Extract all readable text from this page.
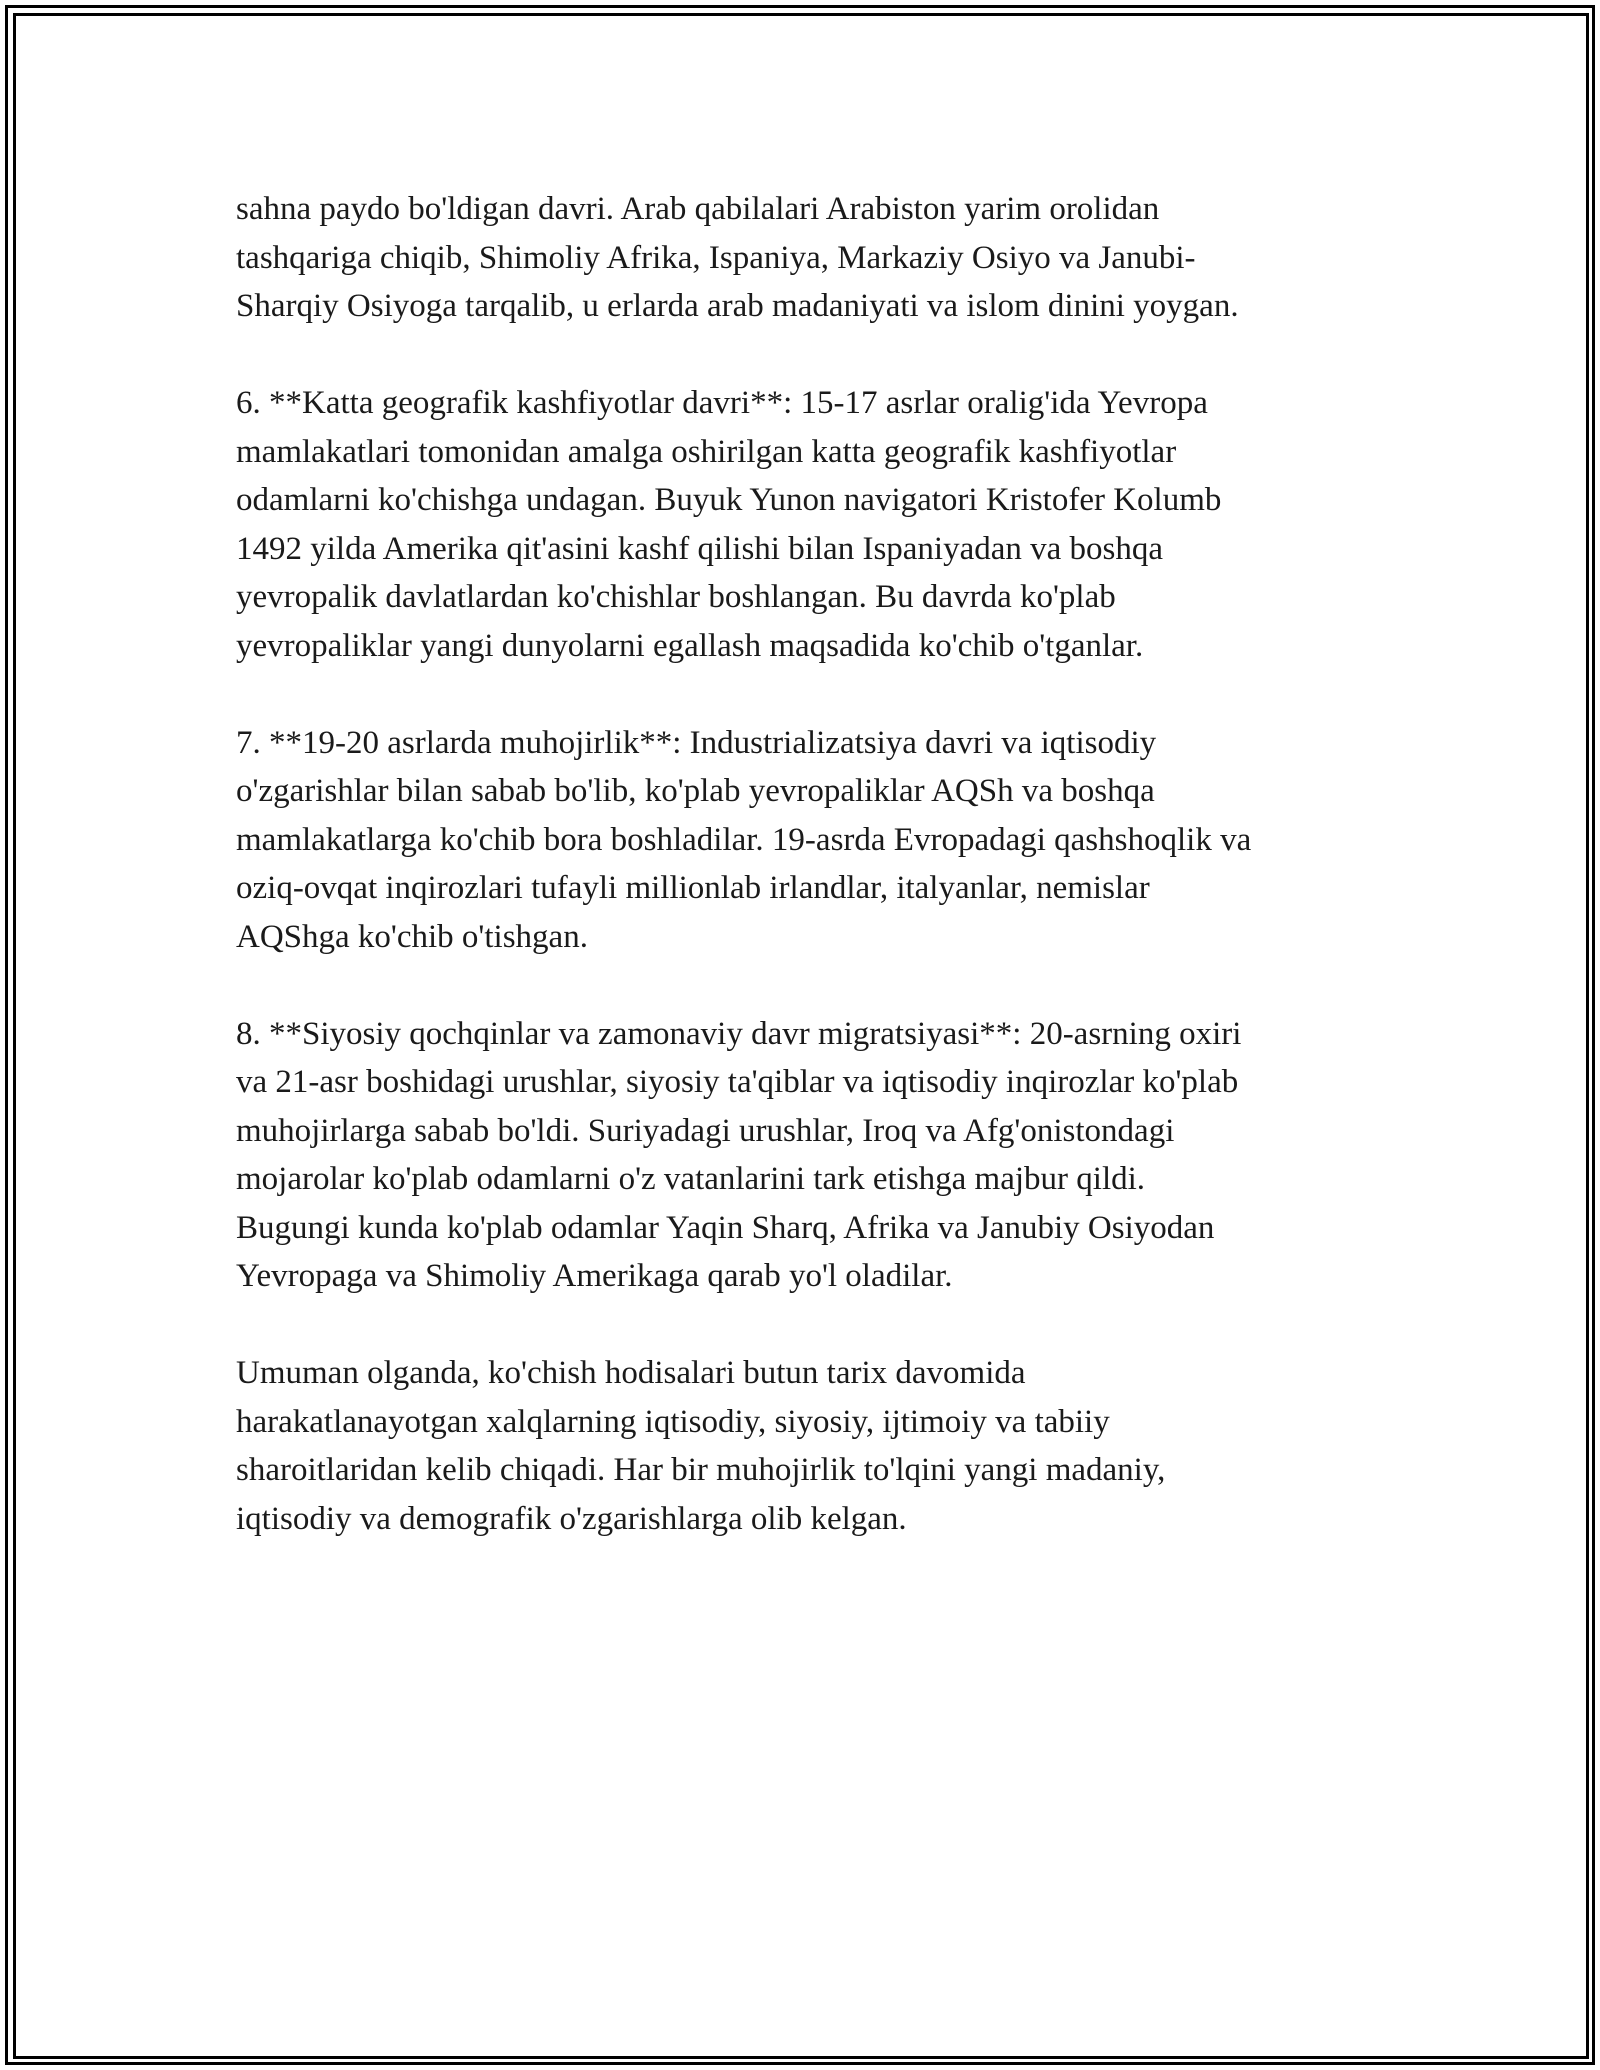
sahna paydo bo'ldigan davri. Arab qabilalari Arabiston yarim orolidan
tashqariga chiqib, Shimoliy Afrika, Ispaniya, Markaziy Osiyo va Janubi-
Sharqiy Osiyoga tarqalib, u erlarda arab madaniyati va islom dinini yoygan.

6. **Katta geografik kashfiyotlar davri**: 15-17 asrlar oralig'ida Yevropa
mamlakatlari tomonidan amalga oshirilgan katta geografik kashfiyotlar
odamlarni ko'chishga undagan. Buyuk Yunon navigatori Kristofer Kolumb
1492 yilda Amerika qit'asini kashf qilishi bilan Ispaniyadan va boshqa
yevropalik davlatlardan ko'chishlar boshlangan. Bu davrda ko'plab
yevropaliklar yangi dunyolarni egallash maqsadida ko'chib o'tganlar.

7. **19-20 asrlarda muhojirlik**: Industrializatsiya davri va iqtisodiy
o'zgarishlar bilan sabab bo'lib, ko'plab yevropaliklar AQSh va boshqa
mamlakatlarga ko'chib bora boshladilar. 19-asrda Evropadagi qashshoqlik va
oziq-ovqat inqirozlari tufayli millionlab irlandlar, italyanlar, nemislar
AQShga ko'chib o'tishgan.

8. **Siyosiy qochqinlar va zamonaviy davr migratsiyasi**: 20-asrning oxiri
va 21-asr boshidagi urushlar, siyosiy ta'qiblar va iqtisodiy inqirozlar ko'plab
muhojirlarga sabab bo'ldi. Suriyadagi urushlar, Iroq va Afg'onistondagi
mojarolar ko'plab odamlarni o'z vatanlarini tark etishga majbur qildi.
Bugungi kunda ko'plab odamlar Yaqin Sharq, Afrika va Janubiy Osiyodan
Yevropaga va Shimoliy Amerikaga qarab yo'l oladilar.

Umuman olganda, ko'chish hodisalari butun tarix davomida
harakatlanayotgan xalqlarning iqtisodiy, siyosiy, ijtimoiy va tabiiy
sharoitlaridan kelib chiqadi. Har bir muhojirlik to'lqini yangi madaniy,
iqtisodiy va demografik o'zgarishlarga olib kelgan.
